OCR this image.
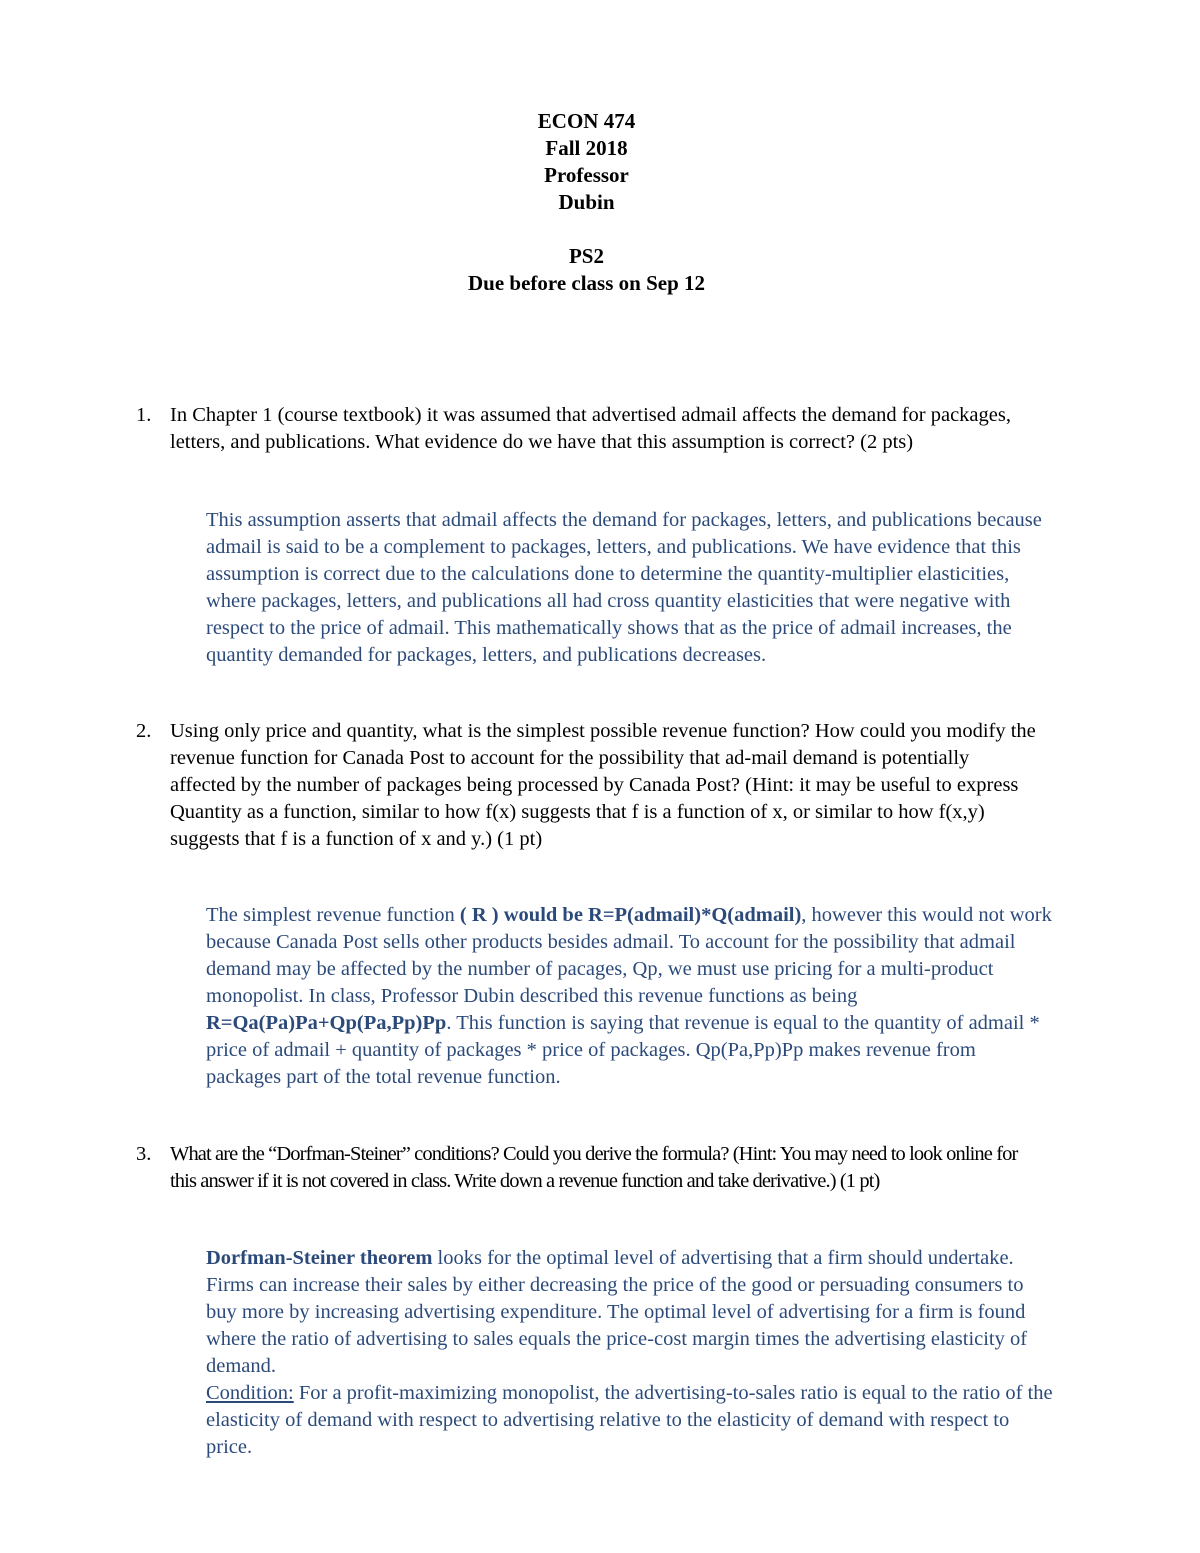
ECON 474
Fall 2018
Professor
Dubin
PS2
Due before class on Sep 12
1. In Chapter 1 (course textbook) it was assumed that advertised admail affects the demand for packages, letters, and publications. What evidence do we have that this assumption is correct? (2 pts)
This assumption asserts that admail affects the demand for packages, letters, and publications because admail is said to be a complement to packages, letters, and publications. We have evidence that this assumption is correct due to the calculations done to determine the quantity-multiplier elasticities, where packages, letters, and publications all had cross quantity elasticities that were negative with respect to the price of admail. This mathematically shows that as the price of admail increases, the quantity demanded for packages, letters, and publications decreases.
2. Using only price and quantity, what is the simplest possible revenue function? How could you modify the revenue function for Canada Post to account for the possibility that ad-mail demand is potentially affected by the number of packages being processed by Canada Post? (Hint: it may be useful to express Quantity as a function, similar to how f(x) suggests that f is a function of x, or similar to how f(x,y) suggests that f is a function of x and y.) (1 pt)
The simplest revenue function ( R ) would be R=P(admail)*Q(admail), however this would not work because Canada Post sells other products besides admail. To account for the possibility that admail demand may be affected by the number of pacages, Qp, we must use pricing for a multi-product monopolist. In class, Professor Dubin described this revenue functions as being R=Qa(Pa)Pa+Qp(Pa,Pp)Pp. This function is saying that revenue is equal to the quantity of admail * price of admail + quantity of packages * price of packages. Qp(Pa,Pp)Pp makes revenue from packages part of the total revenue function.
3. What are the “Dorfman-Steiner” conditions? Could you derive the formula? (Hint: You may need to look online for this answer if it is not covered in class. Write down a revenue function and take derivative.) (1 pt)
Dorfman-Steiner theorem looks for the optimal level of advertising that a firm should undertake. Firms can increase their sales by either decreasing the price of the good or persuading consumers to buy more by increasing advertising expenditure. The optimal level of advertising for a firm is found where the ratio of advertising to sales equals the price-cost margin times the advertising elasticity of demand.
Condition: For a profit-maximizing monopolist, the advertising-to-sales ratio is equal to the ratio of the elasticity of demand with respect to advertising relative to the elasticity of demand with respect to price.
